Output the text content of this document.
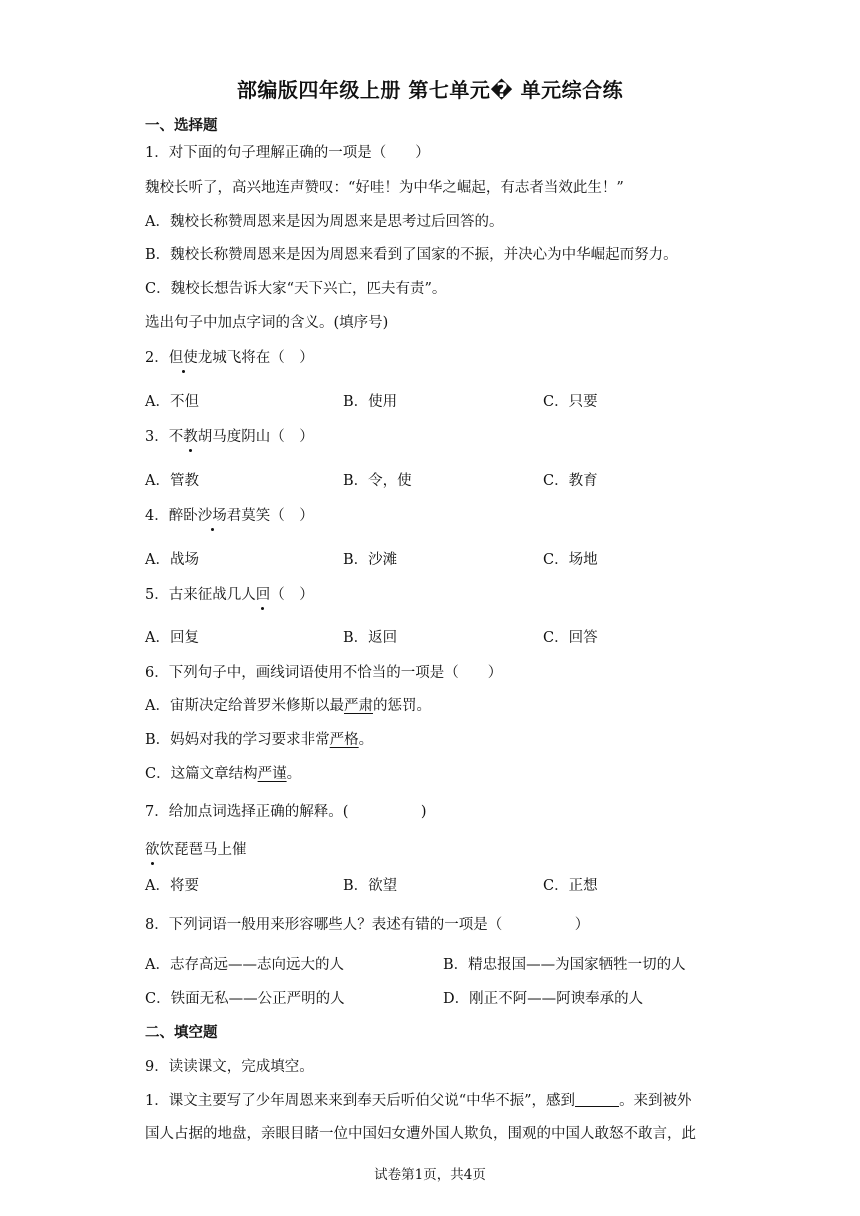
部编版四年级上册 第七单元� 单元综合练
一、选择题
1．对下面的句子理解正确的一项是（　　）
魏校长听了，高兴地连声赞叹：“好哇！为中华之崛起，有志者当效此生！”
A．魏校长称赞周恩来是因为周恩来是思考过后回答的。
B．魏校长称赞周恩来是因为周恩来看到了国家的不振，并决心为中华崛起而努力。
C．魏校长想告诉大家“天下兴亡，匹夫有责”。
选出句子中加点字词的含义。(填序号)
2．但使龙城飞将在（　）
A．不但	B．使用	C．只要
3．不教胡马度阴山（　）
A．管教	B．令，使	C．教育
4．醉卧沙场君莫笑（　）
A．战场	B．沙滩	C．场地
5．古来征战几人回（　）
A．回复	B．返回	C．回答
6．下列句子中，画线词语使用不恰当的一项是（　　）
A．宙斯决定给普罗米修斯以最严肃的惩罚。
B．妈妈对我的学习要求非常严格。
C．这篇文章结构严谨。
7．给加点词选择正确的解释。(　　　　　)
欲饮琵琶马上催
A．将要	B．欲望	C．正想
8．下列词语一般用来形容哪些人？表述有错的一项是（　　　　　）
A．志存高远——志向远大的人	B．精忠报国——为国家牺牲一切的人
C．铁面无私——公正严明的人	D．刚正不阿——阿谀奉承的人
二、填空题
9．读读课文，完成填空。
1．课文主要写了少年周恩来来到奉天后听伯父说“中华不振”，感到	。来到被外
国人占据的地盘，亲眼目睹一位中国妇女遭外国人欺负，围观的中国人敢怒不敢言，此
试卷第1页，共4页
